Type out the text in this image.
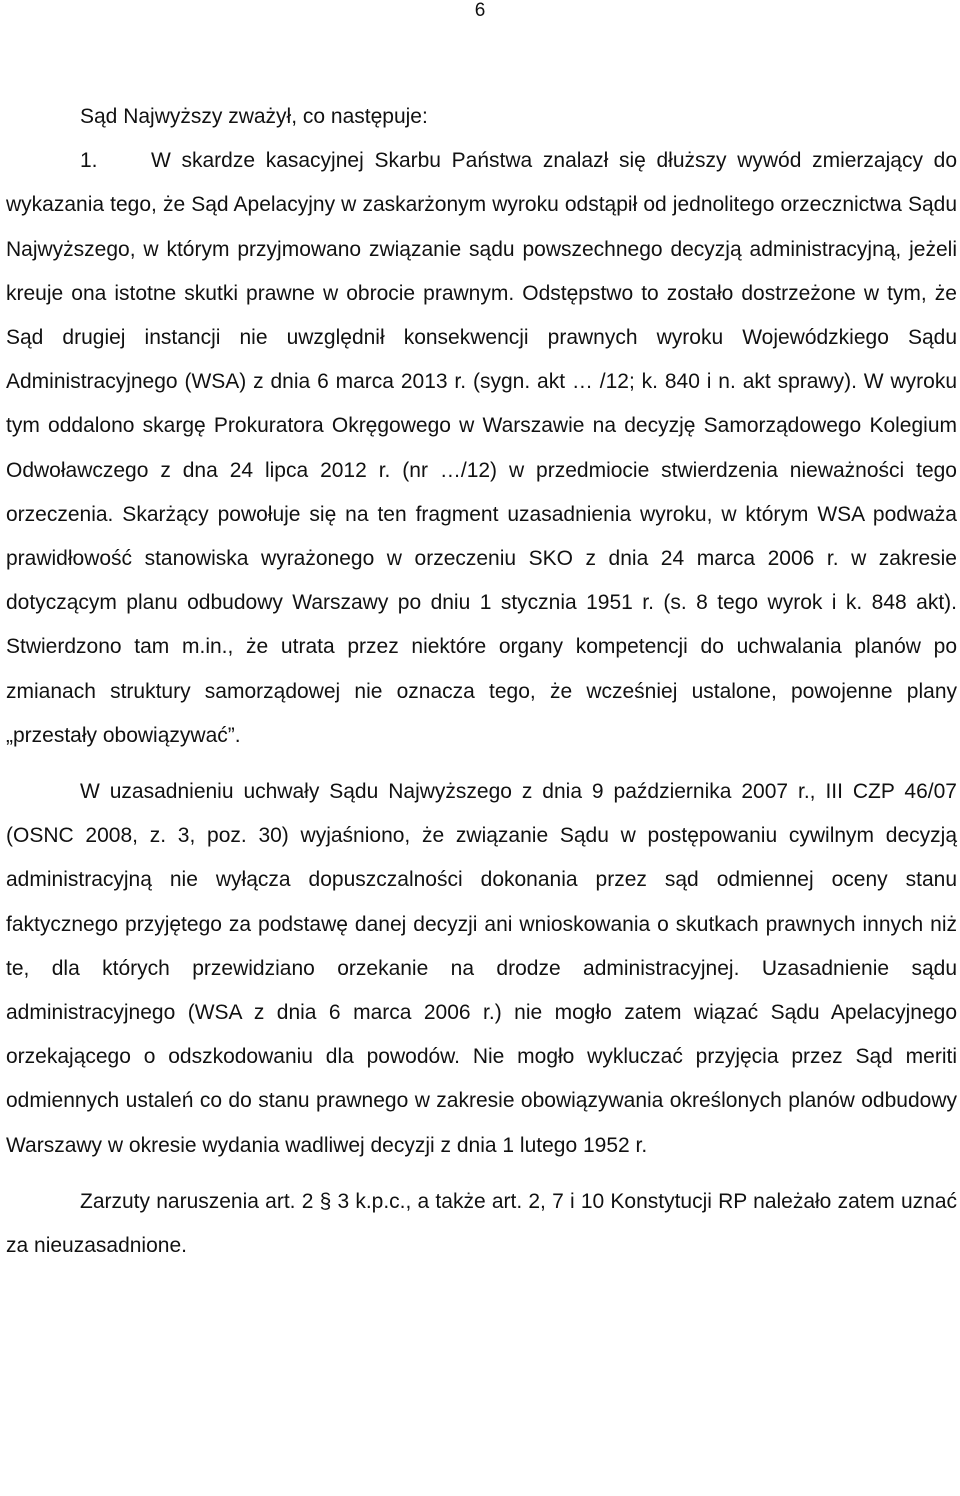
6

Sąd Najwyższy zważył, co następuje:

1.     W skardze kasacyjnej Skarbu Państwa znalazł się dłuższy wywód zmierzający do wykazania tego, że Sąd Apelacyjny w zaskarżonym wyroku odstąpił od jednolitego orzecznictwa Sądu Najwyższego, w którym przyjmowano związanie sądu powszechnego decyzją administracyjną, jeżeli kreuje ona istotne skutki prawne w obrocie prawnym. Odstępstwo to zostało dostrzeżone w tym, że Sąd drugiej instancji nie uwzględnił konsekwencji prawnych wyroku Wojewódzkiego Sądu Administracyjnego (WSA) z dnia 6 marca 2013 r. (sygn. akt … /12; k. 840 i n. akt sprawy). W wyroku tym oddalono skargę Prokuratora Okręgowego w Warszawie na decyzję Samorządowego Kolegium Odwoławczego z dna 24 lipca 2012 r. (nr …/12) w przedmiocie stwierdzenia nieważności tego orzeczenia. Skarżący powołuje się na ten fragment uzasadnienia wyroku, w którym WSA podważa prawidłowość stanowiska wyrażonego w orzeczeniu SKO z dnia 24 marca 2006 r. w zakresie dotyczącym planu odbudowy Warszawy po dniu 1 stycznia 1951 r. (s. 8 tego wyrok i k. 848 akt). Stwierdzono tam m.in., że utrata przez niektóre organy kompetencji do uchwalania planów po zmianach struktury samorządowej nie oznacza tego, że wcześniej ustalone, powojenne plany „przestały obowiązywać”.

W uzasadnieniu uchwały Sądu Najwyższego z dnia 9 października 2007 r., III CZP 46/07 (OSNC 2008, z. 3, poz. 30) wyjaśniono, że związanie Sądu w postępowaniu cywilnym decyzją administracyjną nie wyłącza dopuszczalności dokonania przez sąd odmiennej oceny stanu faktycznego przyjętego za podstawę danej decyzji ani wnioskowania o skutkach prawnych innych niż te, dla których przewidziano orzekanie na drodze administracyjnej. Uzasadnienie sądu administracyjnego (WSA z dnia 6 marca 2006 r.) nie mogło zatem wiązać Sądu Apelacyjnego orzekającego o odszkodowaniu dla powodów. Nie mogło wykluczać przyjęcia przez Sąd meriti odmiennych ustaleń co do stanu prawnego w zakresie obowiązywania określonych planów odbudowy Warszawy w okresie wydania wadliwej decyzji z dnia 1 lutego 1952 r.

Zarzuty naruszenia art. 2 § 3 k.p.c., a także art. 2, 7 i 10 Konstytucji RP należało zatem uznać za nieuzasadnione.
